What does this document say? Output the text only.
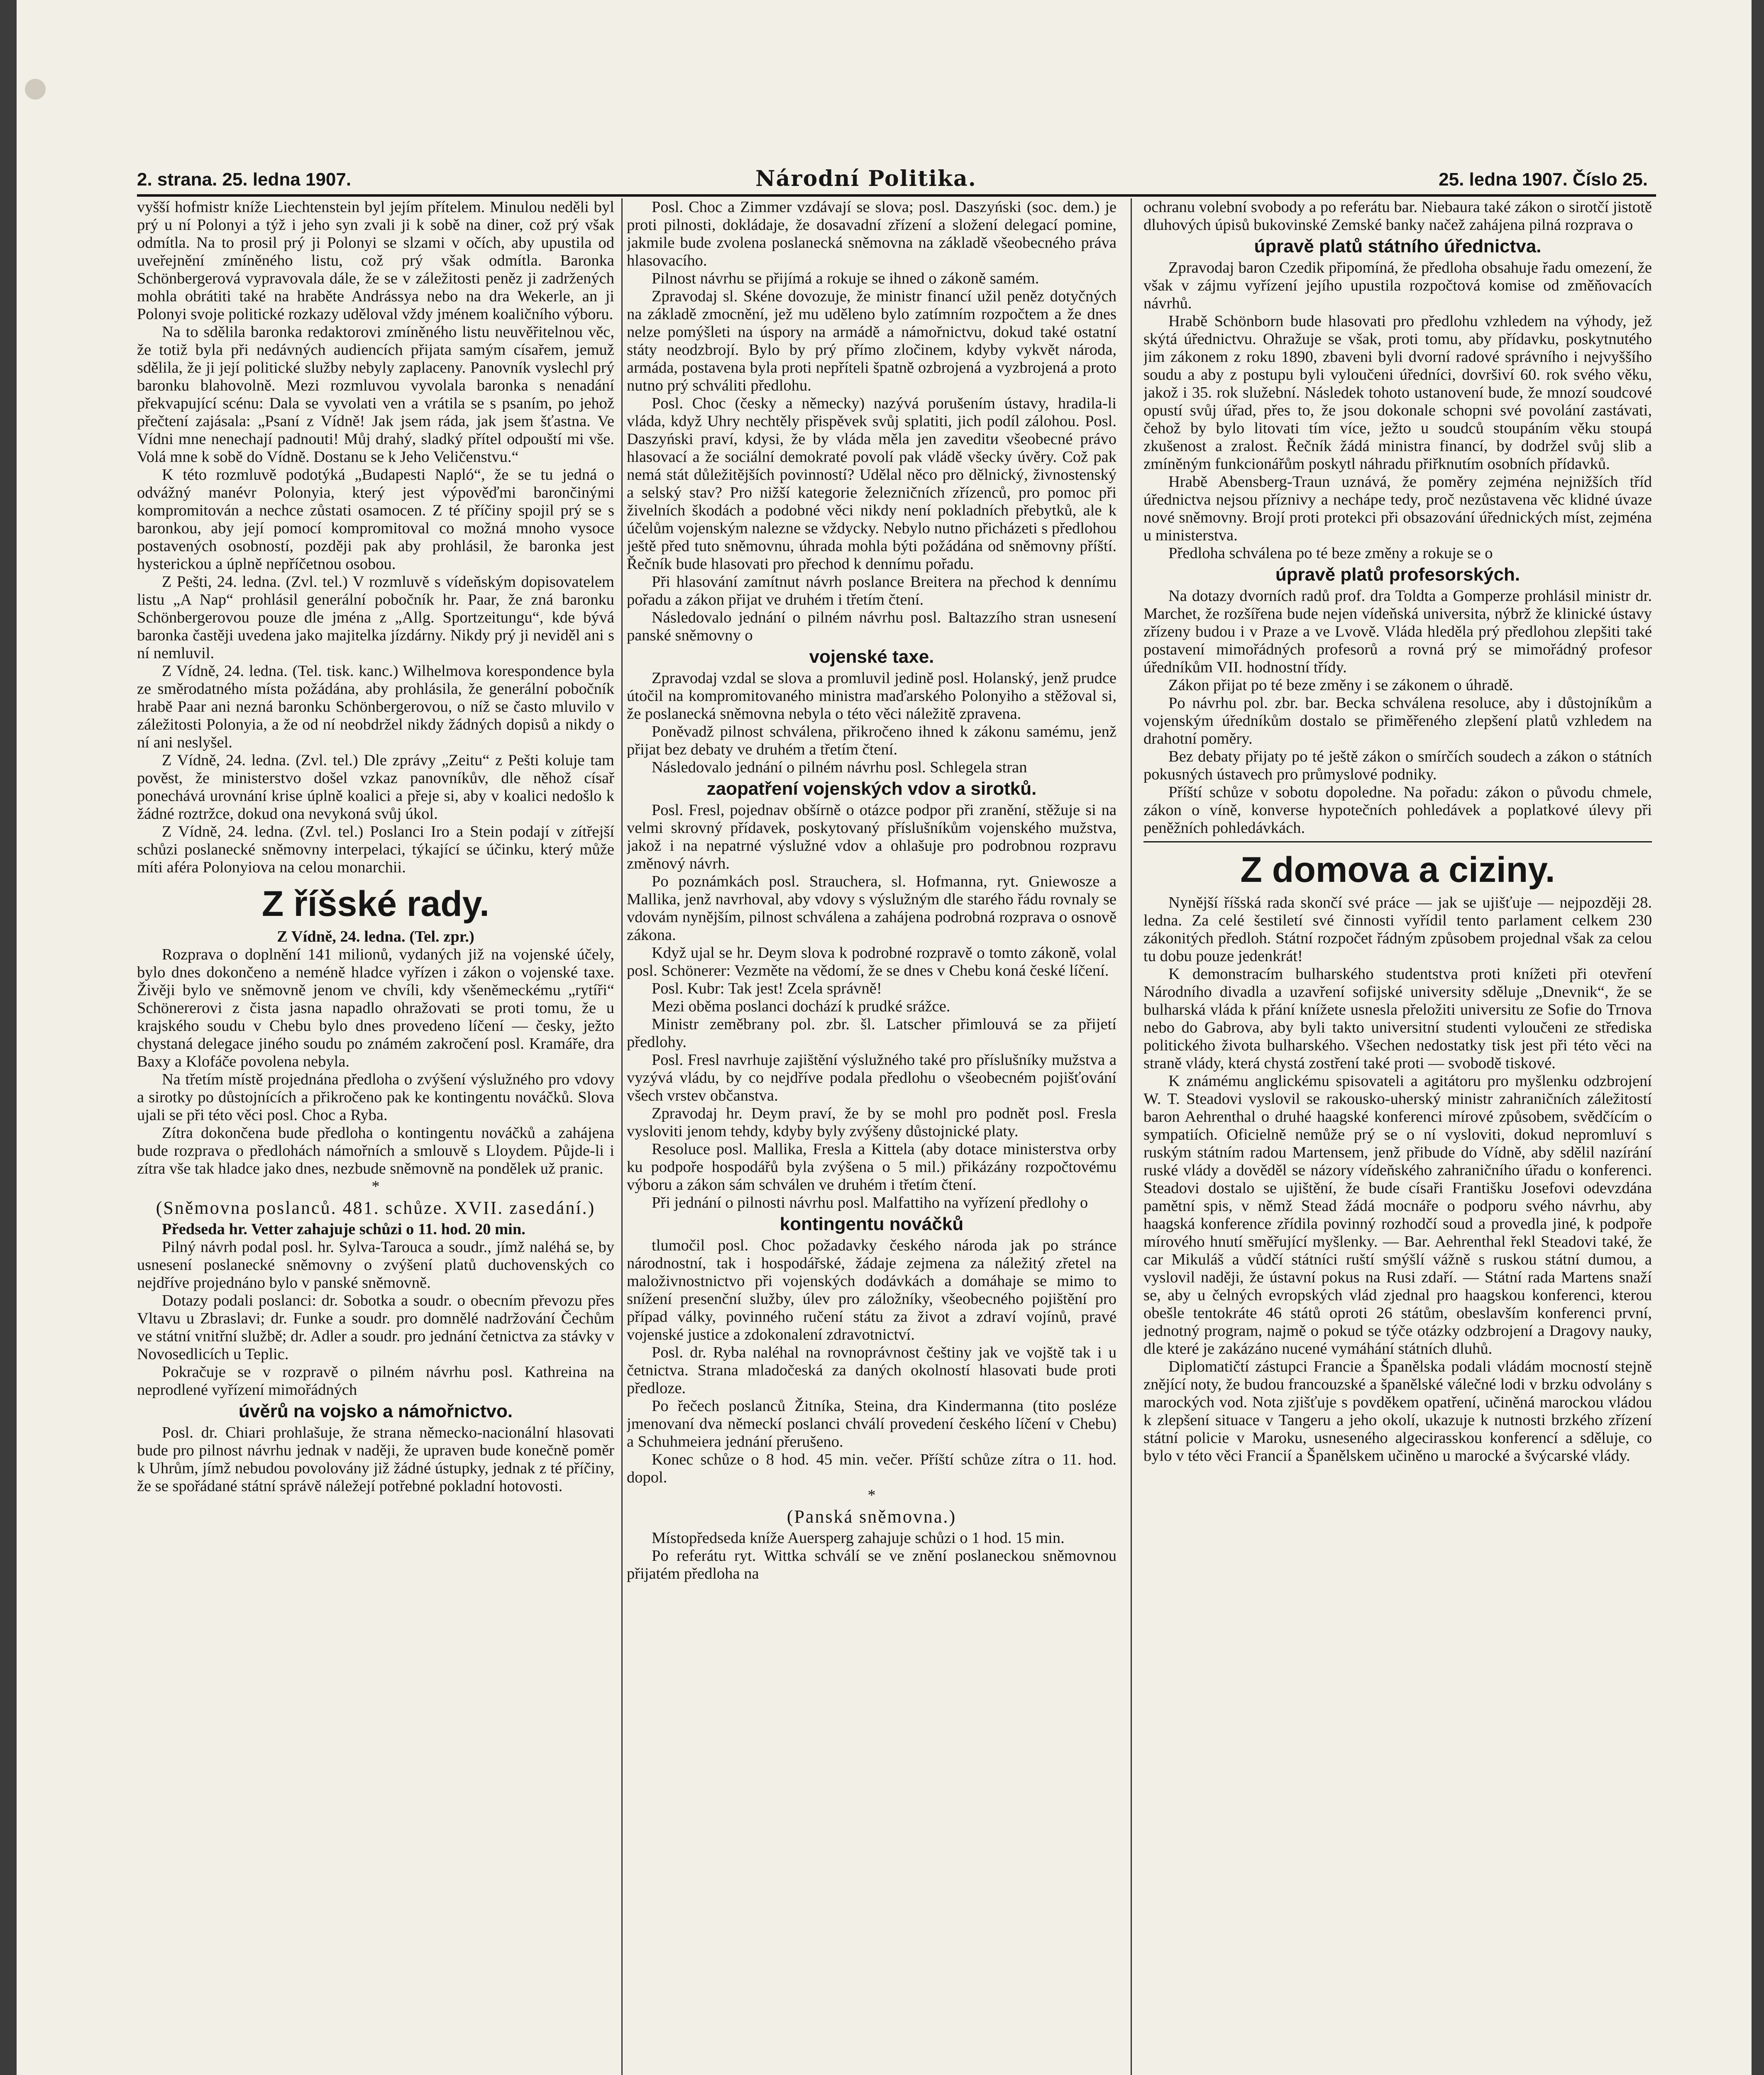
2. strana. 25. ledna 1907.	Národní Politika.	25. ledna 1907. Číslo 25.

vyšší hofmistr kníže Liechtenstein byl jejím přítelem. Minulou neděli byl prý u ní Polonyi a týž i jeho syn zvali ji k sobě na diner, což prý však odmítla. Na to prosil prý ji Polonyi se slzami v očích, aby upustila od uveřejnění zmíněného listu, což prý však odmítla. Baronka Schönbergerová vypravovala dále, že se v záležitosti peněz ji zadržených mohla obrátiti také na hraběte Andrássya nebo na dra Wekerle, an ji Polonyi svoje politické rozkazy uděloval vždy jménem koaličního výboru.

Na to sdělila baronka redaktorovi zmíněného listu neuvěřitelnou věc, že totiž byla při nedávných audiencích přijata samým císařem, jemuž sdělila, že ji její politické služby nebyly zaplaceny. Panovník vyslechl prý baronku blahovolně. Mezi rozmluvou vyvolala baronka s nenadání překvapující scénu: Dala se vyvolati ven a vrátila se s psaním, po jehož přečtení zajásala: „Psaní z Vídně! Jak jsem ráda, jak jsem šťastna. Ve Vídni mne nenechají padnouti! Můj drahý, sladký přítel odpouští mi vše. Volá mne k sobě do Vídně. Dostanu se k Jeho Veličenstvu.“

K této rozmluvě podotýká „Budapesti Napló“, že se tu jedná o odvážný manévr Polonyia, který jest výpověďmi barončinými kompromitován a nechce zůstati osamocen. Z té příčiny spojil prý se s baronkou, aby její pomocí kompromitoval co možná mnoho vysoce postavených osobností, později pak aby prohlásil, že baronka jest hysterickou a úplně nepříčetnou osobou.

Z Pešti, 24. ledna. (Zvl. tel.) V rozmluvě s vídeňským dopisovatelem listu „A Nap“ prohlásil generální pobočník hr. Paar, že zná baronku Schönbergerovou pouze dle jména z „Allg. Sportzeitungu“, kde bývá baronka častěji uvedena jako majitelka jízdárny. Nikdy prý ji neviděl ani s ní nemluvil.

Z Vídně, 24. ledna. (Tel. tisk. kanc.) Wilhelmova korespondence byla ze směrodatného místa požádána, aby prohlásila, že generální pobočník hrabě Paar ani nezná baronku Schönbergerovou, o níž se často mluvilo v záležitosti Polonyia, a že od ní neobdržel nikdy žádných dopisů a nikdy o ní ani neslyšel.

Z Vídně, 24. ledna. (Zvl. tel.) Dle zprávy „Zeitu“ z Pešti koluje tam pověst, že ministerstvo došel vzkaz panovníkův, dle něhož císař ponechává urovnání krise úplně koalici a přeje si, aby v koalici nedošlo k žádné roztržce, dokud ona nevykoná svůj úkol.

Z Vídně, 24. ledna. (Zvl. tel.) Poslanci Iro a Stein podají v zítřejší schůzi poslanecké sněmovny interpelaci, týkající se účinku, který může míti aféra Polonyiova na celou monarchii.

Z říšské rady.
Z Vídně, 24. ledna. (Tel. zpr.)

Rozprava o doplnění 141 milionů, vydaných již na vojenské účely, bylo dnes dokončeno a neméně hladce vyřízen i zákon o vojenské taxe. Živěji bylo ve sněmovně jenom ve chvíli, kdy všeněmeckému „rytíři“ Schönererovi z čista jasna napadlo ohražovati se proti tomu, že u krajského soudu v Chebu bylo dnes provedeno líčení — česky, ježto chystaná delegace jiného soudu po známém zakročení posl. Kramáře, dra Baxy a Klofáče povolena nebyla.

Na třetím místě projednána předloha o zvýšení výslužného pro vdovy a sirotky po důstojnících a přikročeno pak ke kontingentu nováčků. Slova ujali se při této věci posl. Choc a Ryba.

Zítra dokončena bude předloha o kontingentu nováčků a zahájena bude rozprava o předlohách námořních a smlouvě s Lloydem. Půjde-li i zítra vše tak hladce jako dnes, nezbude sněmovně na pondělek už pranic.

*
(Sněmovna poslanců. 481. schůze. XVII. zasedání.)

Předseda hr. Vetter zahajuje schůzi o 11. hod. 20 min.

Pilný návrh podal posl. hr. Sylva-Tarouca a soudr., jímž naléhá se, by usnesení poslanecké sněmovny o zvýšení platů duchovenských co nejdříve projednáno bylo v panské sněmovně.

Dotazy podali poslanci: dr. Sobotka a soudr. o obecním převozu přes Vltavu u Zbraslavi; dr. Funke a soudr. pro domnělé nadržování Čechům ve státní vnitřní službě; dr. Adler a soudr. pro jednání četnictva za stávky v Novosedlicích u Teplic.

Pokračuje se v rozpravě o pilném návrhu posl. Kathreina na neprodlené vyřízení mimořádných

úvěrů na vojsko a námořnictvo.

Posl. dr. Chiari prohlašuje, že strana německo-nacionální hlasovati bude pro pilnost návrhu jednak v naději, že upraven bude konečně poměr k Uhrům, jímž nebudou povolovány již žádné ústupky, jednak z té příčiny, že se spořádané státní správě náležejí potřebné pokladní hotovosti.

Posl. Choc a Zimmer vzdávají se slova; posl. Daszyński (soc. dem.) je proti pilnosti, dokládaje, že dosavadní zřízení a složení delegací pomine, jakmile bude zvolena poslanecká sněmovna na základě všeobecného práva hlasovacího.

Pilnost návrhu se přijímá a rokuje se ihned o zákoně samém.

Zpravodaj sl. Skéne dovozuje, že ministr financí užil peněz dotyčných na základě zmocnění, jež mu uděleno bylo zatímním rozpočtem a že dnes nelze pomýšleti na úspory na armádě a námořnictvu, dokud také ostatní státy neodzbrojí. Bylo by prý přímo zločinem, kdyby vykvět národa, armáda, postavena byla proti nepříteli špatně ozbrojená a vyzbrojená a proto nutno prý schváliti předlohu.

Posl. Choc (česky a německy) nazývá porušením ústavy, hradila-li vláda, když Uhry nechtěly přispěvek svůj splatiti, jich podíl zálohou. Posl. Daszyński praví, kdysi, že by vláda měla jen zaveditи všeobecné právo hlasovací a že sociální demokraté povolí pak vládě všecky úvěry. Což pak nemá stát důležitějších povinností? Udělal něco pro dělnický, živnostenský a selský stav? Pro nižší kategorie železničních zřízenců, pro pomoc při živelních škodách a podobné věci nikdy není pokladních přebytků, ale k účelům vojenským nalezne se vždycky. Nebylo nutno přicházeti s předlohou ještě před tuto sněmovnu, úhrada mohla býti požádána od sněmovny příští. Řečník bude hlasovati pro přechod k dennímu pořadu.

Při hlasování zamítnut návrh poslance Breitera na přechod k dennímu pořadu a zákon přijat ve druhém i třetím čtení.

Následovalo jednání o pilném návrhu posl. Baltazzího stran usnesení panské sněmovny o

vojenské taxe.

Zpravodaj vzdal se slova a promluvil jedině posl. Holanský, jenž prudce útočil na kompromitovaného ministra maďarského Polonyiho a stěžoval si, že poslanecká sněmovna nebyla o této věci náležitě zpravena.

Poněvadž pilnost schválena, přikročeno ihned k zákonu samému, jenž přijat bez debaty ve druhém a třetím čtení.

Následovalo jednání o pilném návrhu posl. Schlegela stran

zaopatření vojenských vdov a sirotků.

Posl. Fresl, pojednav obšírně o otázce podpor při zranění, stěžuje si na velmi skrovný přídavek, poskytovaný příslušníkům vojenského mužstva, jakož i na nepatrné výslužné vdov a ohlašuje pro podrobnou rozpravu změnový návrh.

Po poznámkách posl. Straucherа, sl. Hofmanna, ryt. Gniewosze a Mallika, jenž navrhoval, aby vdovy s výslužným dle starého řádu rovnaly se vdovám nynějším, pilnost schválena a zahájena podrobná rozprava o osnově zákona.

Když ujal se hr. Deym slova k podrobné rozpravě o tomto zákoně, volal posl. Schönerer: Vezměte na vědomí, že se dnes v Chebu koná české líčení.

Posl. Kubr: Tak jest! Zcela správně!

Mezi oběma poslanci dochází k prudké srážce.

Ministr zeměbrany pol. zbr. šl. Latscher přimlouvá se za přijetí předlohy.

Posl. Fresl navrhuje zajištění výslužného také pro příslušníky mužstva a vyzývá vládu, by co nejdříve podala předlohu o všeobecném pojišťování všech vrstev občanstva.

Zpravodaj hr. Deym praví, že by se mohl pro podnět posl. Fresla vysloviti jenom tehdy, kdyby byly zvýšeny důstojnické platy.

Resoluce posl. Mallika, Fresla a Kittela (aby dotace ministerstva orby ku podpoře hospodářů byla zvýšena o 5 mil.) přikázány rozpočtovému výboru a zákon sám schválen ve druhém i třetím čtení.

Při jednání o pilnosti návrhu posl. Malfattiho na vyřízení předlohy o

kontingentu nováčků

tlumočil posl. Choc požadavky českého národa jak po stránce národnostní, tak i hospodářské, žádaje zejmena za náležitý zřetel na maloživnostnictvo při vojenských dodávkách a domáhaje se mimo to snížení presenční služby, úlev pro záložníky, všeobecného pojištění pro případ války, povinného ručení státu za život a zdraví vojínů, pravé vojenské justice a zdokonalení zdravotnictví.

Posl. dr. Ryba naléhal na rovnoprávnost češtiny jak ve vojště tak i u četnictva. Strana mladočeská za daných okolností hlasovati bude proti předloze.

Po řečech poslanců Žitníka, Steina, dra Kindermanna (tito posléze jmenovaní dva německí poslanci chválí provedení českého líčení v Chebu) a Schuhmeiera jednání přerušeno.

Konec schůze o 8 hod. 45 min. večer. Příští schůze zítra o 11. hod. dopol.

*
(Panská sněmovna.)

Místopředseda kníže Auersperg zahajuje schůzi o 1 hod. 15 min.

Po referátu ryt. Wittka schválí se ve znění poslaneckou sněmovnou přijatém předloha na

ochranu volební svobody a po referátu bar. Niebaura také zákon o sirotčí jistotě dluhových úpisů bukovinské Zemské banky načež zahájena pilná rozprava o

úpravě platů státního úřednictva.

Zpravodaj baron Czedik připomíná, že předloha obsahuje řadu omezení, že však v zájmu vyřízení jejího upustila rozpočtová komise od změňovacích návrhů.

Hrabě Schönborn bude hlasovati pro předlohu vzhledem na výhody, jež skýtá úřednictvu. Ohražuje se však, proti tomu, aby přídavku, poskytnutého jim zákonem z roku 1890, zbaveni byli dvorní radové správního i nejvyššího soudu a aby z postupu byli vyloučeni úředníci, dovršiví 60. rok svého věku, jakož i 35. rok služební. Následek tohoto ustanovení bude, že mnozí soudcové opustí svůj úřad, přes to, že jsou dokonale schopni své povolání zastávati, čehož by bylo litovati tím více, ježto u soudců stoupáním věku stoupá zkušenost a zralost. Řečník žádá ministra financí, by dodržel svůj slib a zmíněným funkcionářům poskytl náhradu přiřknutím osobních přídavků.

Hrabě Abensberg-Traun uznává, že poměry zejména nejnižších tříd úřednictva nejsou příznivy a nechápe tedy, proč nezůstavena věc klidné úvaze nové sněmovny. Brojí proti protekci při obsazování úřednických míst, zejména u ministerstva.

Předloha schválena po té beze změny a rokuje se o

úpravě platů profesorských.

Na dotazy dvorních radů prof. dra Toldta a Gomperze prohlásil ministr dr. Marchet, že rozšířena bude nejen vídeňská universita, nýbrž že klinické ústavy zřízeny budou i v Praze a ve Lvově. Vláda hleděla prý předlohou zlepšiti také postavení mimořádných profesorů a rovná prý se mimořádný profesor úředníkům VII. hodnostní třídy.

Zákon přijat po té beze změny i se zákonem o úhradě.

Po návrhu pol. zbr. bar. Becka schválena resoluce, aby i důstojníkům a vojenským úředníkům dostalo se přiměřeného zlepšení platů vzhledem na drahotní poměry.

Bez debaty přijaty po té ještě zákon o smírčích soudech a zákon o státních pokusných ústavech pro průmyslové podniky.

Příští schůze v sobotu dopoledne. Na pořadu: zákon o původu chmele, zákon o víně, konverse hypotečních pohledávek a poplatkové úlevy při peněžních pohledávkách.

Z domova a ciziny.

Nynější říšská rada skončí své práce — jak se ujišťuje — nejpozději 28. ledna. Za celé šestiletí své činnosti vyřídil tento parlament celkem 230 zákonitých předloh. Státní rozpočet řádným způsobem projednal však za celou tu dobu pouze jedenkrát!

K demonstracím bulharského studentstva proti knížeti při otevření Národního divadla a uzavření sofijské university sděluje „Dnevnik“, že se bulharská vláda k přání knížete usnesla přeložiti universitu ze Sofie do Trnova nebo do Gabrova, aby byli takto universitní studenti vyloučeni ze střediska politického života bulharského. Všechen nedostatky tisk jest při této věci na straně vlády, která chystá zostření také proti — svobodě tiskové.

K známému anglickému spisovateli a agitátoru pro myšlenku odzbrojení W. T. Steadovi vyslovil se rakousko-uherský ministr zahraničních záležitostí baron Aehrenthal o druhé haagské konferenci mírové způsobem, svědčícím o sympatiích. Oficielně nemůže prý se o ní vysloviti, dokud nepromluví s ruským státním radou Martensem, jenž přibude do Vídně, aby sdělil nazírání ruské vlády a dověděl se názory vídeňského zahraničního úřadu o konferenci. Steadovi dostalo se ujištění, že bude císaři Františku Josefovi odevzdána pamětní spis, v němž Stead žádá mocnáře o podporu svého návrhu, aby haagská konference zřídila povinný rozhodčí soud a provedla jiné, k podpoře mírového hnutí směřující myšlenky. — Bar. Aehrenthal řekl Steadovi také, že car Mikuláš a vůdčí státníci ruští smýšlí vážně s ruskou státní dumou, a vyslovil naději, že ústavní pokus na Rusi zdaří. — Státní rada Martens snaží se, aby u čelných evropských vlád zjednal pro haagskou konferenci, kterou obešle tentokráte 46 států oproti 26 státům, obeslavším konferenci první, jednotný program, najmě o pokud se týče otázky odzbrojení a Dragovy nauky, dle které je zakázáno nucené vymáhání státních dluhů.

Diplomatičtí zástupci Francie a Španělska podali vládám mocností stejně znějící noty, že budou francouzské a španělské válečné lodi v brzku odvolány s marockých vod. Nota zjišťuje s povděkem opatření, učiněná marockou vládou k zlepšení situace v Tangeru a jeho okolí, ukazuje k nutnosti brzkého zřízení státní policie v Maroku, usneseného algecirasskou konferencí a sděluje, co bylo v této věci Francií a Španělskem učiněno u marocké a švýcarské vlády.
